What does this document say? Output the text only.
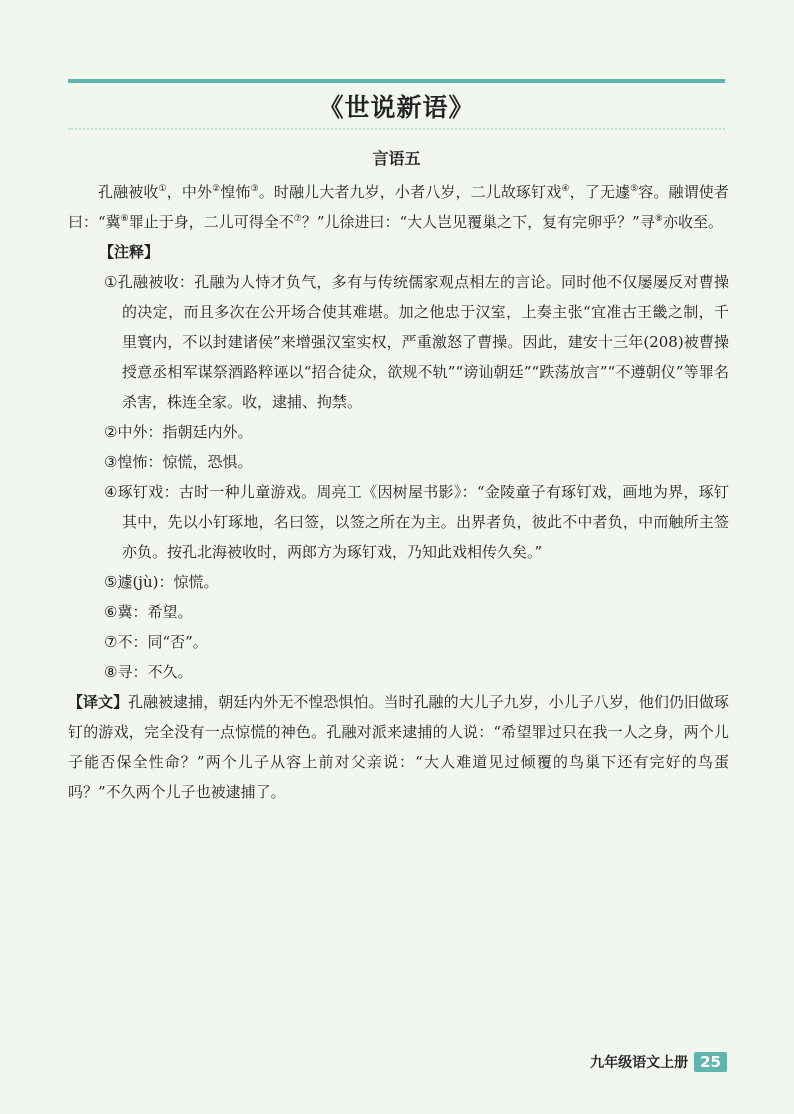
《世说新语》
言语五

孔融被收①，中外②惶怖③。时融儿大者九岁，小者八岁，二儿故琢钉戏④，了无遽⑤容。融谓使者曰：“冀⑥罪止于身，二儿可得全不⑦？”儿徐进曰：“大人岂见覆巢之下，复有完卵乎？”寻⑧亦收至。

【注释】

①孔融被收：孔融为人恃才负气，多有与传统儒家观点相左的言论。同时他不仅屡屡反对曹操的决定，而且多次在公开场合使其难堪。加之他忠于汉室，上奏主张“宜准古王畿之制，千里寰内，不以封建诸侯”来增强汉室实权，严重激怒了曹操。因此，建安十三年(208)被曹操授意丞相军谋祭酒路粹诬以“招合徒众，欲规不轨”“谤讪朝廷”“跌荡放言”“不遵朝仪”等罪名杀害，株连全家。收，逮捕、拘禁。

②中外：指朝廷内外。

③惶怖：惊慌，恐惧。

④琢钉戏：古时一种儿童游戏。周亮工《因树屋书影》：“金陵童子有琢钉戏，画地为界，琢钉其中，先以小钉琢地，名曰签，以签之所在为主。出界者负，彼此不中者负，中而触所主签亦负。按孔北海被收时，两郎方为琢钉戏，乃知此戏相传久矣。”

⑤遽(jù)：惊慌。

⑥冀：希望。

⑦不：同“否”。

⑧寻：不久。

【译文】孔融被逮捕，朝廷内外无不惶恐惧怕。当时孔融的大儿子九岁，小儿子八岁，他们仍旧做琢钉的游戏，完全没有一点惊慌的神色。孔融对派来逮捕的人说：“希望罪过只在我一人之身，两个儿子能否保全性命？”两个儿子从容上前对父亲说：“大人难道见过倾覆的鸟巢下还有完好的鸟蛋吗？”不久两个儿子也被逮捕了。

九年级语文上册 25
